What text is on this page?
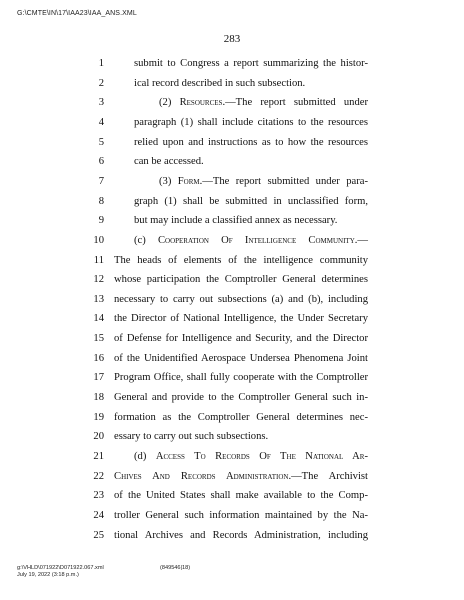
G:\CMTE\IN\17\IAA23\IAA_ANS.XML
283
1	submit to Congress a report summarizing the histor-
2	ical record described in such subsection.
3	(2) Resources.—The report submitted under
4	paragraph (1) shall include citations to the resources
5	relied upon and instructions as to how the resources
6	can be accessed.
7	(3) Form.—The report submitted under para-
8	graph (1) shall be submitted in unclassified form,
9	but may include a classified annex as necessary.
10	(c) Cooperation Of Intelligence Community.—
11 The heads of elements of the intelligence community
12 whose participation the Comptroller General determines
13 necessary to carry out subsections (a) and (b), including
14 the Director of National Intelligence, the Under Secretary
15 of Defense for Intelligence and Security, and the Director
16 of the Unidentified Aerospace Undersea Phenomena Joint
17 Program Office, shall fully cooperate with the Comptroller
18 General and provide to the Comptroller General such in-
19 formation as the Comptroller General determines nec-
20 essary to carry out such subsections.
21	(d) Access To Records Of The National Ar-
22 Chives And Records Administration.—The Archivist
23 of the United States shall make available to the Comp-
24 troller General such information maintained by the Na-
25 tional Archives and Records Administration, including
g:\VHLD\071922\D071922.067.xml	(849546|18)
July 19, 2022 (3:18 p.m.)
